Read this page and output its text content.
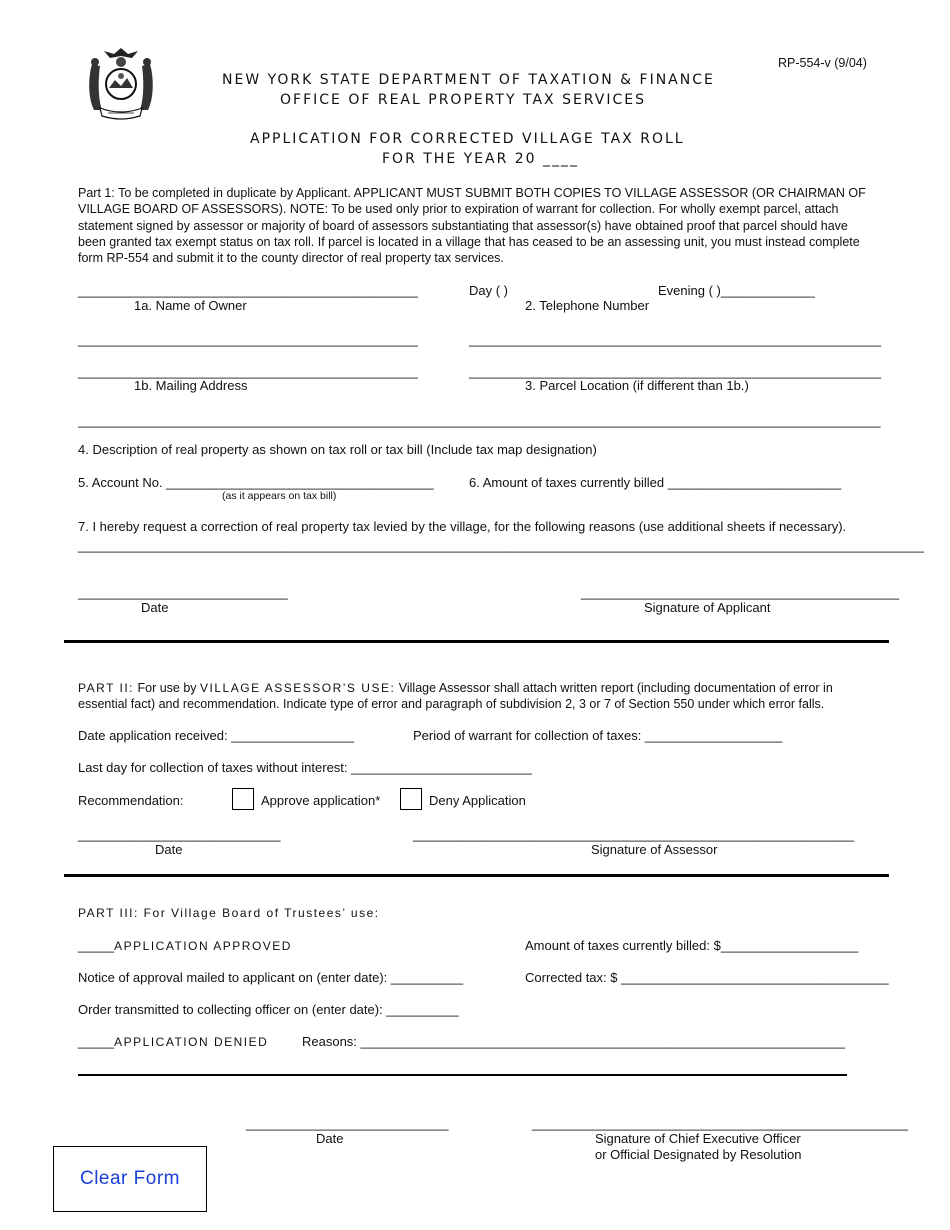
RP-554-v (9/04)
NEW YORK STATE DEPARTMENT OF TAXATION & FINANCE
OFFICE OF REAL PROPERTY TAX SERVICES
APPLICATION FOR CORRECTED VILLAGE TAX ROLL
FOR THE YEAR 20 ____
Part 1: To be completed in duplicate by Applicant. APPLICANT MUST SUBMIT BOTH COPIES TO VILLAGE ASSESSOR (OR CHAIRMAN OF VILLAGE BOARD OF ASSESSORS). NOTE: To be used only prior to expiration of warrant for collection. For wholly exempt parcel, attach statement signed by assessor or majority of board of assessors substantiating that assessor(s) have obtained proof that parcel should have been granted tax exempt status on tax roll. If parcel is located in a village that has ceased to be an assessing unit, you must instead complete form RP-554 and submit it to the county director of real property tax services.
_______________________________________________	Day ( )	Evening ( )_____________
1a. Name of Owner	2. Telephone Number
_______________________________________________	_________________________________________________________
_______________________________________________	_________________________________________________________
1b. Mailing Address	3. Parcel Location (if different than 1b.)
_______________________________________________________________________________________________________________
4. Description of real property as shown on tax roll or tax bill (Include tax map designation)
5. Account No. _____________________________________
(as it appears on tax bill)
6. Amount of taxes currently billed ________________________
7. I hereby request a correction of real property tax levied by the village, for the following reasons (use additional sheets if necessary).
_____________________________________________________________________________________________________________________
_____________________________	____________________________________________
Date	Signature of Applicant
PART II: For use by VILLAGE ASSESSOR’S USE: Village Assessor shall attach written report (including documentation of error in essential fact) and recommendation. Indicate type of error and paragraph of subdivision 2, 3 or 7 of Section 550 under which error falls.
Date application received: _________________	Period of warrant for collection of taxes: ___________________
Last day for collection of taxes without interest: _________________________
Recommendation:	Approve application*	Deny Application
____________________________	_____________________________________________________________
Date	Signature of Assessor
PART III: For Village Board of Trustees’ use:
_____APPLICATION APPROVED	Amount of taxes currently billed: $___________________
Notice of approval mailed to applicant on (enter date): __________	Corrected tax: $ _____________________________________
Order transmitted to collecting officer on (enter date): __________
_____APPLICATION DENIED	Reasons: ___________________________________________________________________
____________________________	____________________________________________________
Date	Signature of Chief Executive Officer
or Official Designated by Resolution
Clear Form
